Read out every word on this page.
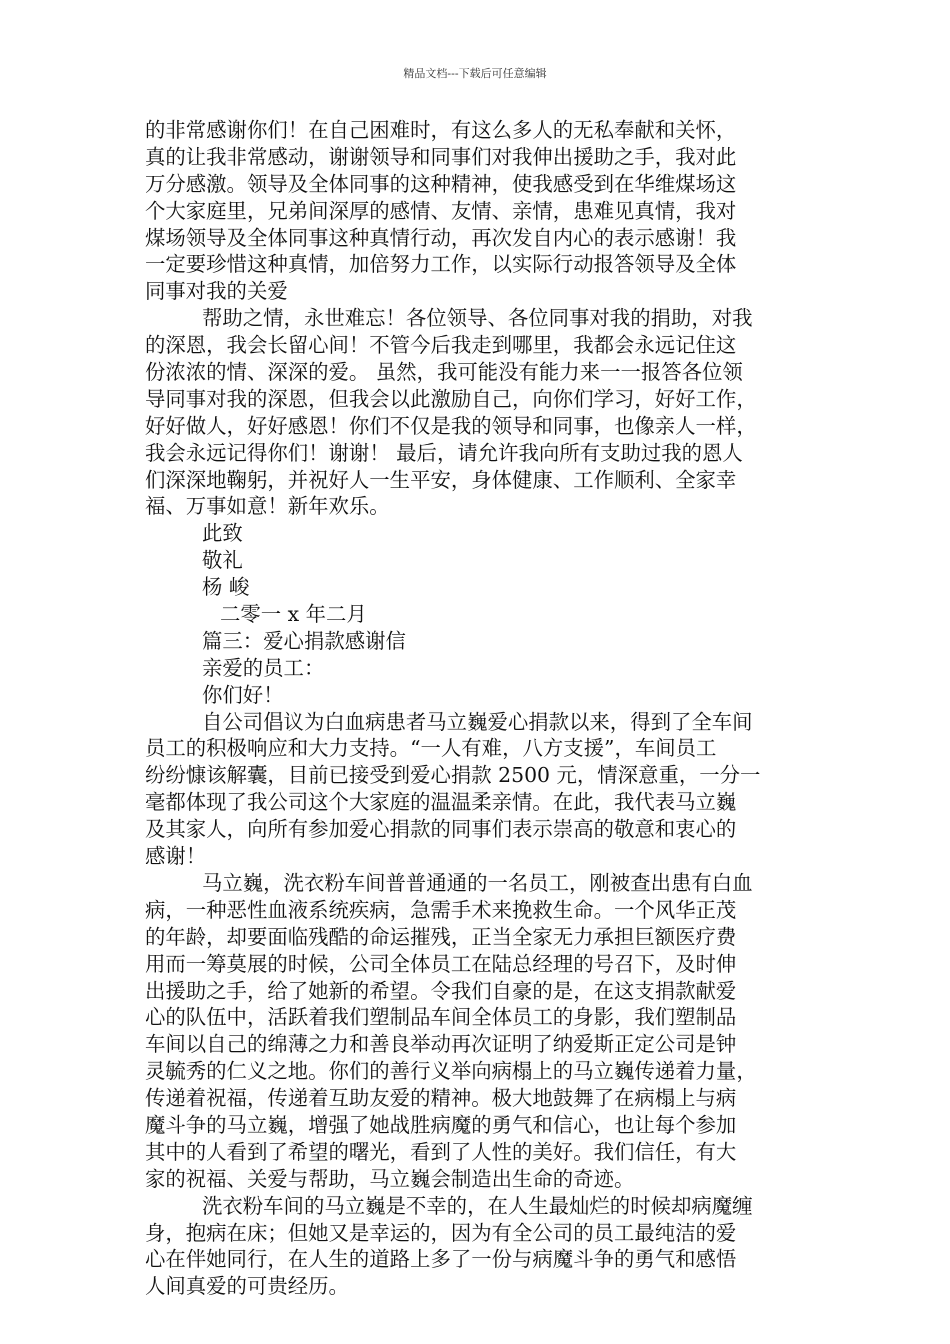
精品文档---下载后可任意编辑
的非常感谢你们！在自己困难时，有这么多人的无私奉献和关怀，
真的让我非常感动，谢谢领导和同事们对我伸出援助之手，我对此
万分感激。领导及全体同事的这种精神，使我感受到在华维煤场这
个大家庭里，兄弟间深厚的感情、友情、亲情，患难见真情，我对
煤场领导及全体同事这种真情行动，再次发自内心的表示感谢！我
一定要珍惜这种真情，加倍努力工作，以实际行动报答领导及全体
同事对我的关爱
帮助之情，永世难忘！各位领导、各位同事对我的捐助，对我
的深恩，我会长留心间！不管今后我走到哪里，我都会永远记住这
份浓浓的情、深深的爱。 虽然，我可能没有能力来一一报答各位领
导同事对我的深恩，但我会以此激励自己，向你们学习，好好工作，
好好做人，好好感恩！你们不仅是我的领导和同事，也像亲人一样，
我会永远记得你们！谢谢！ 最后，请允许我向所有支助过我的恩人
们深深地鞠躬，并祝好人一生平安，身体健康、工作顺利、全家幸
福、万事如意！新年欢乐。
此致
敬礼
杨 峻
二零一 x 年二月
篇三：爱心捐款感谢信
亲爱的员工：
你们好！
自公司倡议为白血病患者马立巍爱心捐款以来，得到了全车间
员工的积极响应和大力支持。“一人有难，八方支援”，车间员工
纷纷慷该解囊，目前已接受到爱心捐款 2500 元，情深意重，一分一
毫都体现了我公司这个大家庭的温温柔亲情。在此，我代表马立巍
及其家人，向所有参加爱心捐款的同事们表示崇高的敬意和衷心的
感谢！
马立巍，洗衣粉车间普普通通的一名员工，刚被查出患有白血
病，一种恶性血液系统疾病，急需手术来挽救生命。一个风华正茂
的年龄，却要面临残酷的命运摧残，正当全家无力承担巨额医疗费
用而一筹莫展的时候，公司全体员工在陆总经理的号召下，及时伸
出援助之手，给了她新的希望。令我们自豪的是，在这支捐款献爱
心的队伍中，活跃着我们塑制品车间全体员工的身影，我们塑制品
车间以自己的绵薄之力和善良举动再次证明了纳爱斯正定公司是钟
灵毓秀的仁义之地。你们的善行义举向病榻上的马立巍传递着力量，
传递着祝福，传递着互助友爱的精神。极大地鼓舞了在病榻上与病
魔斗争的马立巍，增强了她战胜病魔的勇气和信心，也让每个参加
其中的人看到了希望的曙光，看到了人性的美好。我们信任，有大
家的祝福、关爱与帮助，马立巍会制造出生命的奇迹。
洗衣粉车间的马立巍是不幸的，在人生最灿烂的时候却病魔缠
身，抱病在床；但她又是幸运的，因为有全公司的员工最纯洁的爱
心在伴她同行，在人生的道路上多了一份与病魔斗争的勇气和感悟
人间真爱的可贵经历。
